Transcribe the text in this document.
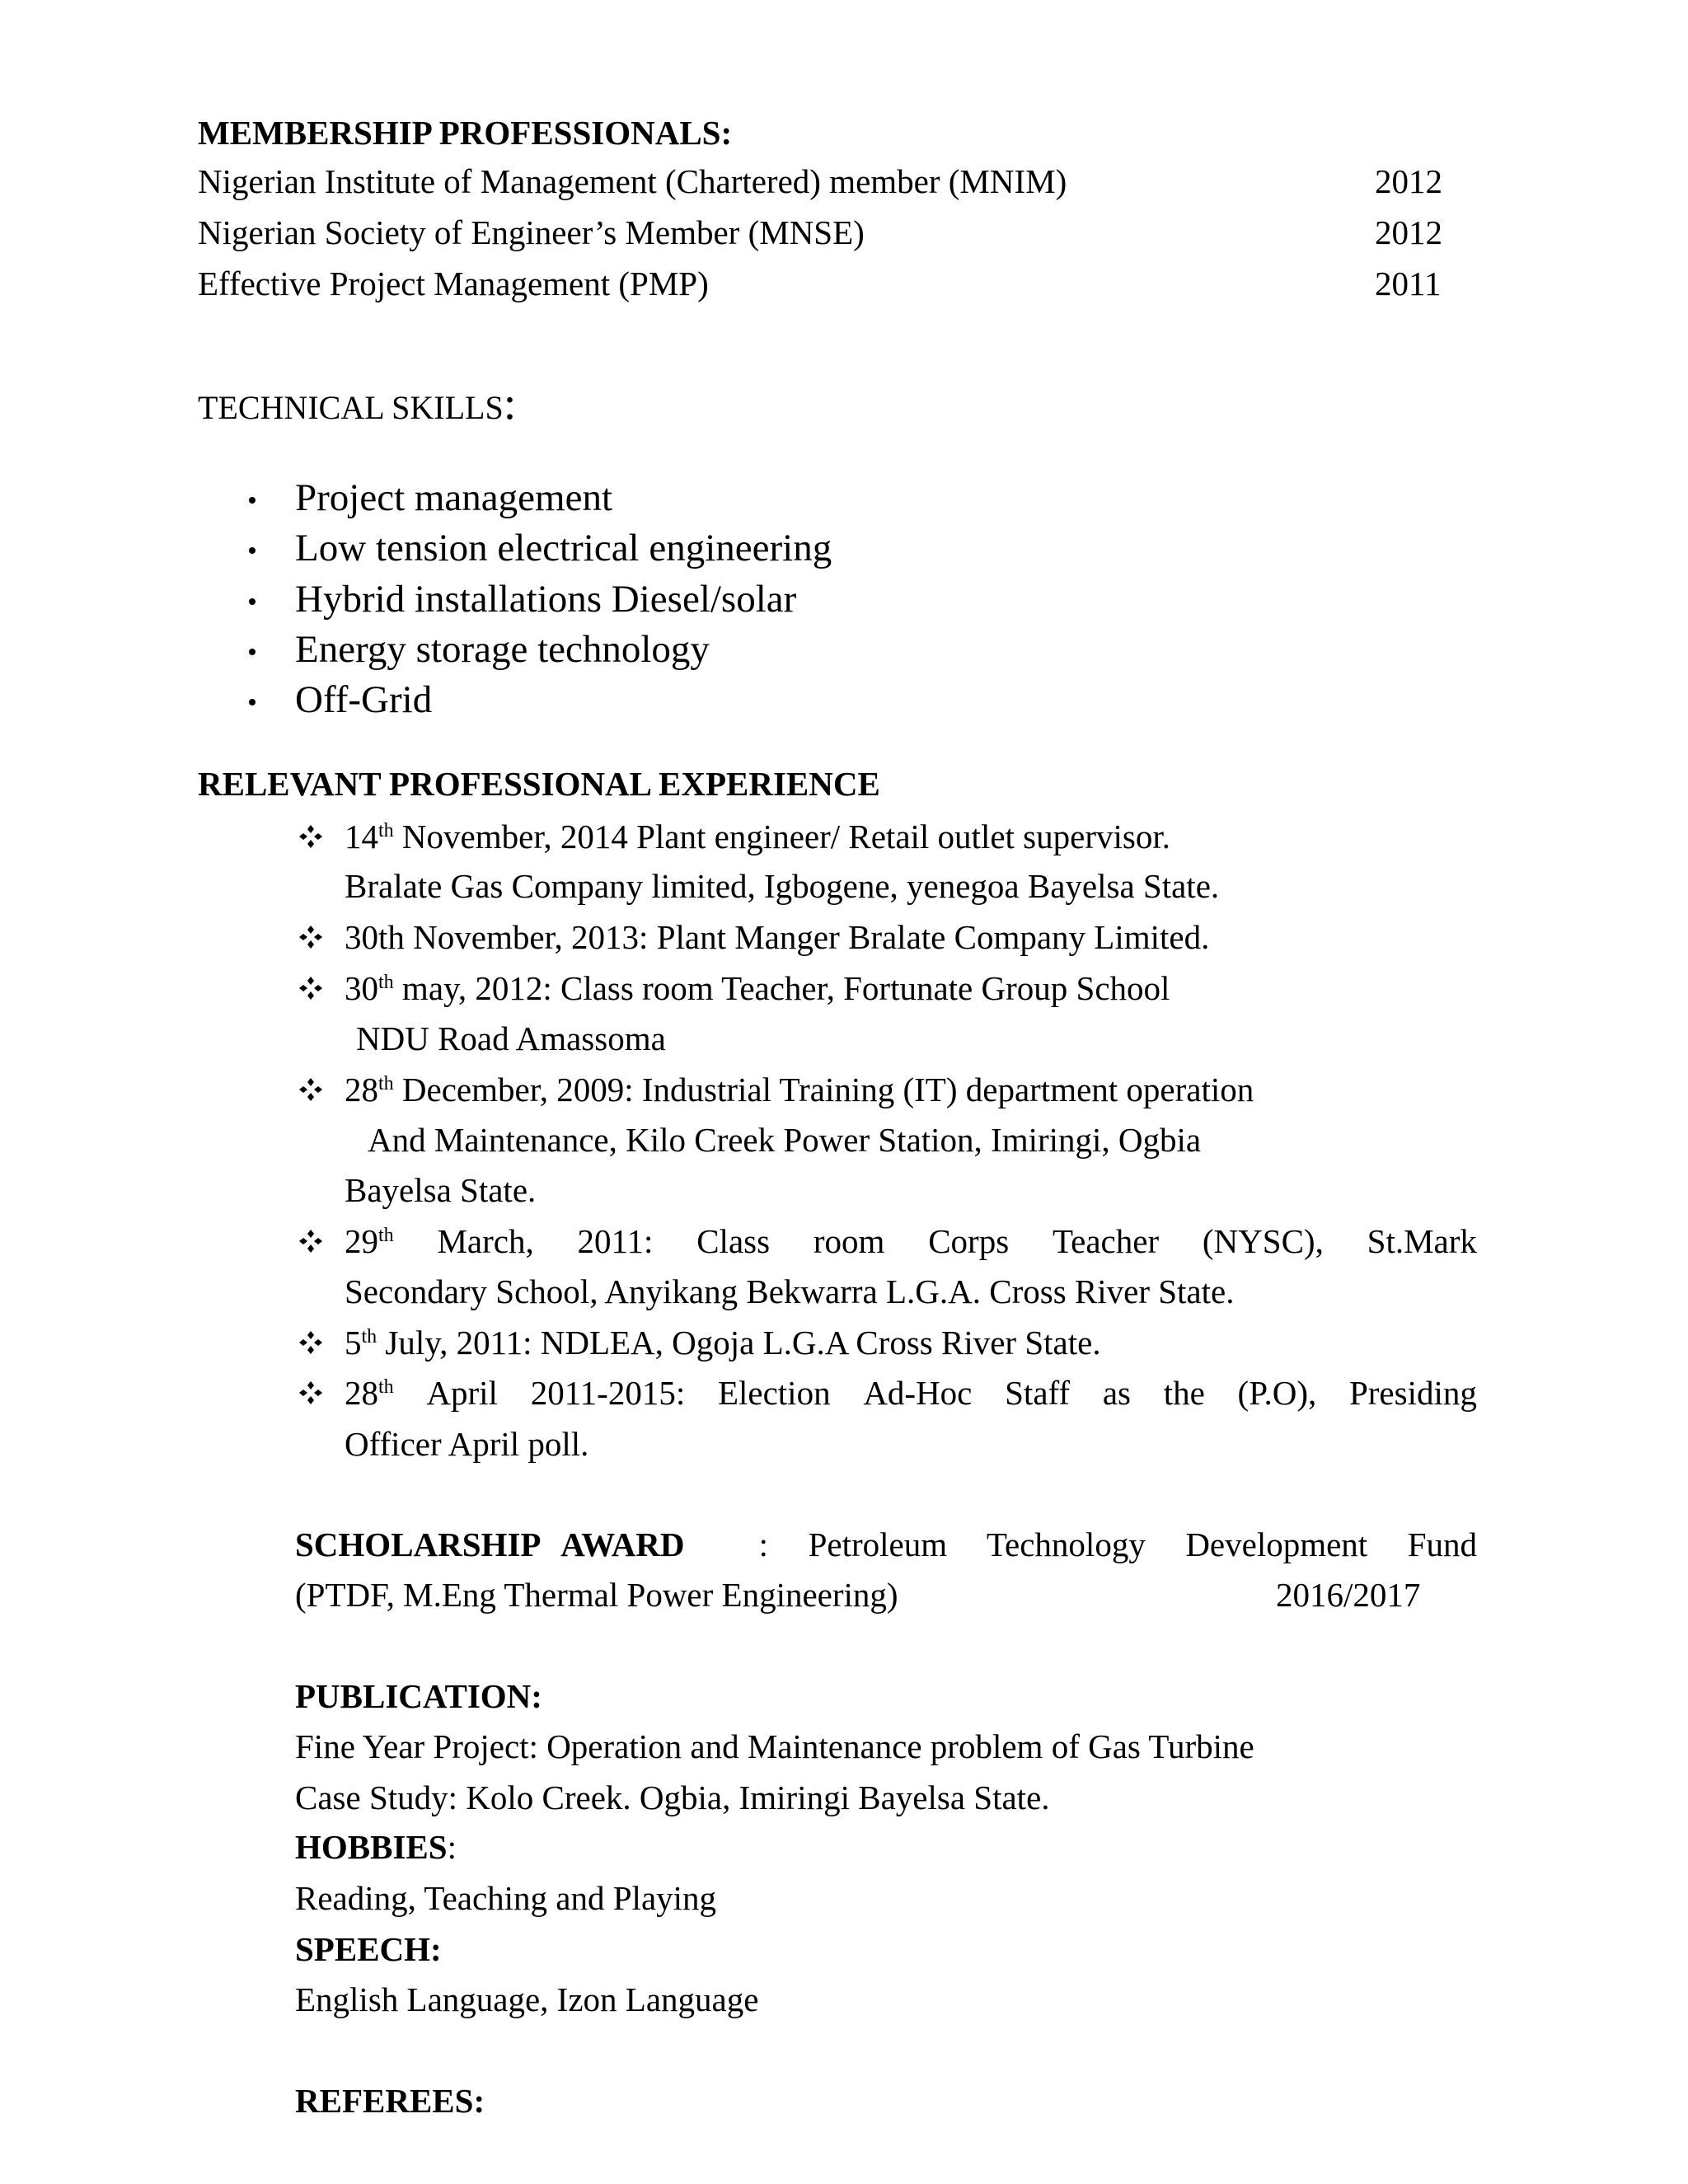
MEMBERSHIP PROFESSIONALS:
Nigerian Institute of Management (Chartered) member (MNIM)	2012
Nigerian Society of Engineer’s Member (MNSE)	2012
Effective Project Management (PMP)	2011
TECHNICAL SKILLS:
Project management
Low tension electrical engineering
Hybrid installations Diesel/solar
Energy storage technology
Off-Grid
RELEVANT PROFESSIONAL EXPERIENCE
14th November, 2014 Plant engineer/ Retail outlet supervisor.
Bralate Gas Company limited, Igbogene, yenegoa Bayelsa State.
30th November, 2013: Plant Manger Bralate Company Limited.
30th may, 2012: Class room Teacher, Fortunate Group School
NDU Road Amassoma
28th December, 2009: Industrial Training (IT) department operation
And Maintenance, Kilo Creek Power Station, Imiringi, Ogbia
Bayelsa State.
29th March, 2011: Class room Corps Teacher (NYSC), St.Mark
Secondary School, Anyikang Bekwarra L.G.A. Cross River State.
5th July, 2011: NDLEA, Ogoja L.G.A Cross River State.
28th April 2011-2015: Election Ad-Hoc Staff as the (P.O), Presiding
Officer April poll.
SCHOLARSHIP AWARD :  Petroleum  Technology  Development  Fund
(PTDF, M.Eng Thermal Power Engineering)	2016/2017
PUBLICATION:
Fine Year Project: Operation and Maintenance problem of Gas Turbine
Case Study: Kolo Creek. Ogbia, Imiringi Bayelsa State.
HOBBIES:
Reading, Teaching and Playing
SPEECH:
English Language, Izon Language
REFEREES:
